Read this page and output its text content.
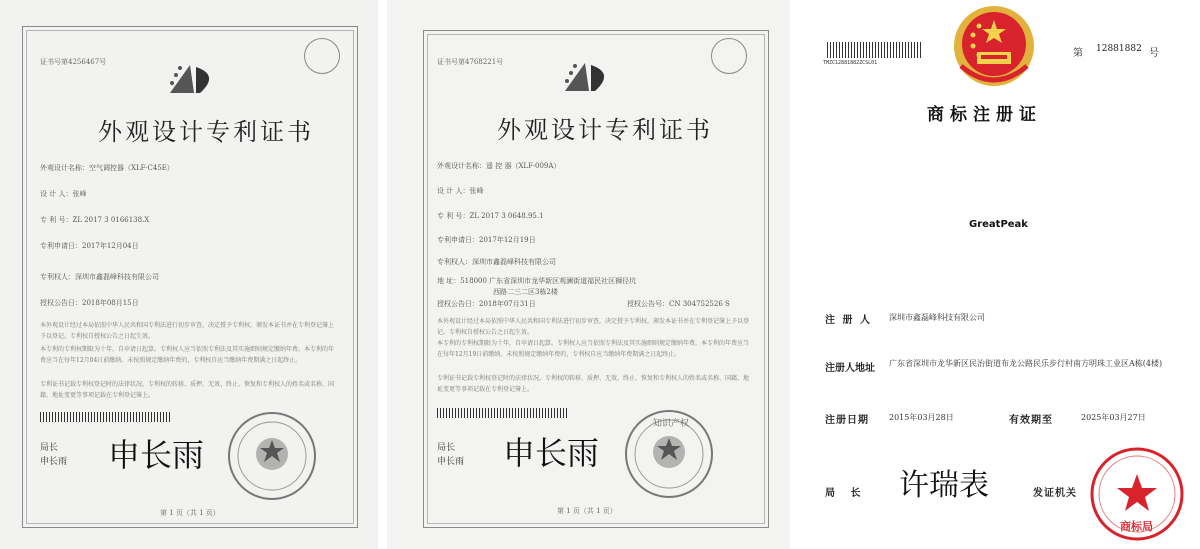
证书号第4256467号
外观设计专利证书
外观设计名称：空气调控器（XLF-C45E）
设 计 人：张峰
专 利 号：ZL 2017 3 0166138.X
专利申请日：2017年12月04日
专利权人：深圳市鑫磊峰科技有限公司
授权公告日：2018年08月15日
本外观设计经过本局依照中华人民共和国专利法进行初步审查，决定授予专利权，颁发本证书并在专利登记簿上予以登记。专利权自授权公告之日起生效。
本专利的专利权期限为十年，自申请日起算。专利权人应当依照专利法及其实施细则规定缴纳年费。本专利的年费应当在每年12月04日前缴纳。未按照规定缴纳年费的，专利权自应当缴纳年费期满之日起终止。
专利证书记载专利权登记时的法律状况。专利权的转移、质押、无效、终止、恢复和专利权人的姓名或名称、国籍、地址变更等事项记载在专利登记簿上。
局长
申长雨 申长雨
第 1 页（共 1 页）
证书号第4768221号
外观设计专利证书
外观设计名称：遥 控 器（XLF-009A）
设 计 人：张峰
专 利 号：ZL 2017 3 0648.95.1
专利申请日：2017年12月19日
专利权人：深圳市鑫磊峰科技有限公司
地 址：518000 广东省深圳市龙华新区观澜街道福民社区狮径坑
西路二三二区3栋2楼
授权公告日：2018年07月31日	授权公告号：CN 304752526 S
本外观设计经过本局依照中华人民共和国专利法进行初步审查，决定授予专利权，颁发本证书并在专利登记簿上予以登记。专利权自授权公告之日起生效。
本专利的专利权期限为十年，自申请日起算。专利权人应当依照专利法及其实施细则规定缴纳年费。本专利的年费应当在每年12月19日前缴纳。未按照规定缴纳年费的，专利权自应当缴纳年费期满之日起终止。
专利证书记载专利权登记时的法律状况。专利权的转移、质押、无效、终止、恢复和专利权人的姓名或名称、国籍、地址变更等事项记载在专利登记簿上。
局长
申长雨 申长雨
知识产权
第 1 页（共 1 页）
TMZC12881882ZCSL01
第 12881882 号
商标注册证
GreatPeak
注 册 人 深圳市鑫磊峰科技有限公司
注册人地址 广东省深圳市龙华新区民治街道布龙公路民乐步行村南方明珠工业区A栋(4楼)
注册日期	2015年03月28日	有效期至	2025年03月27日
局 长 许瑞表	发证机关
商标局
